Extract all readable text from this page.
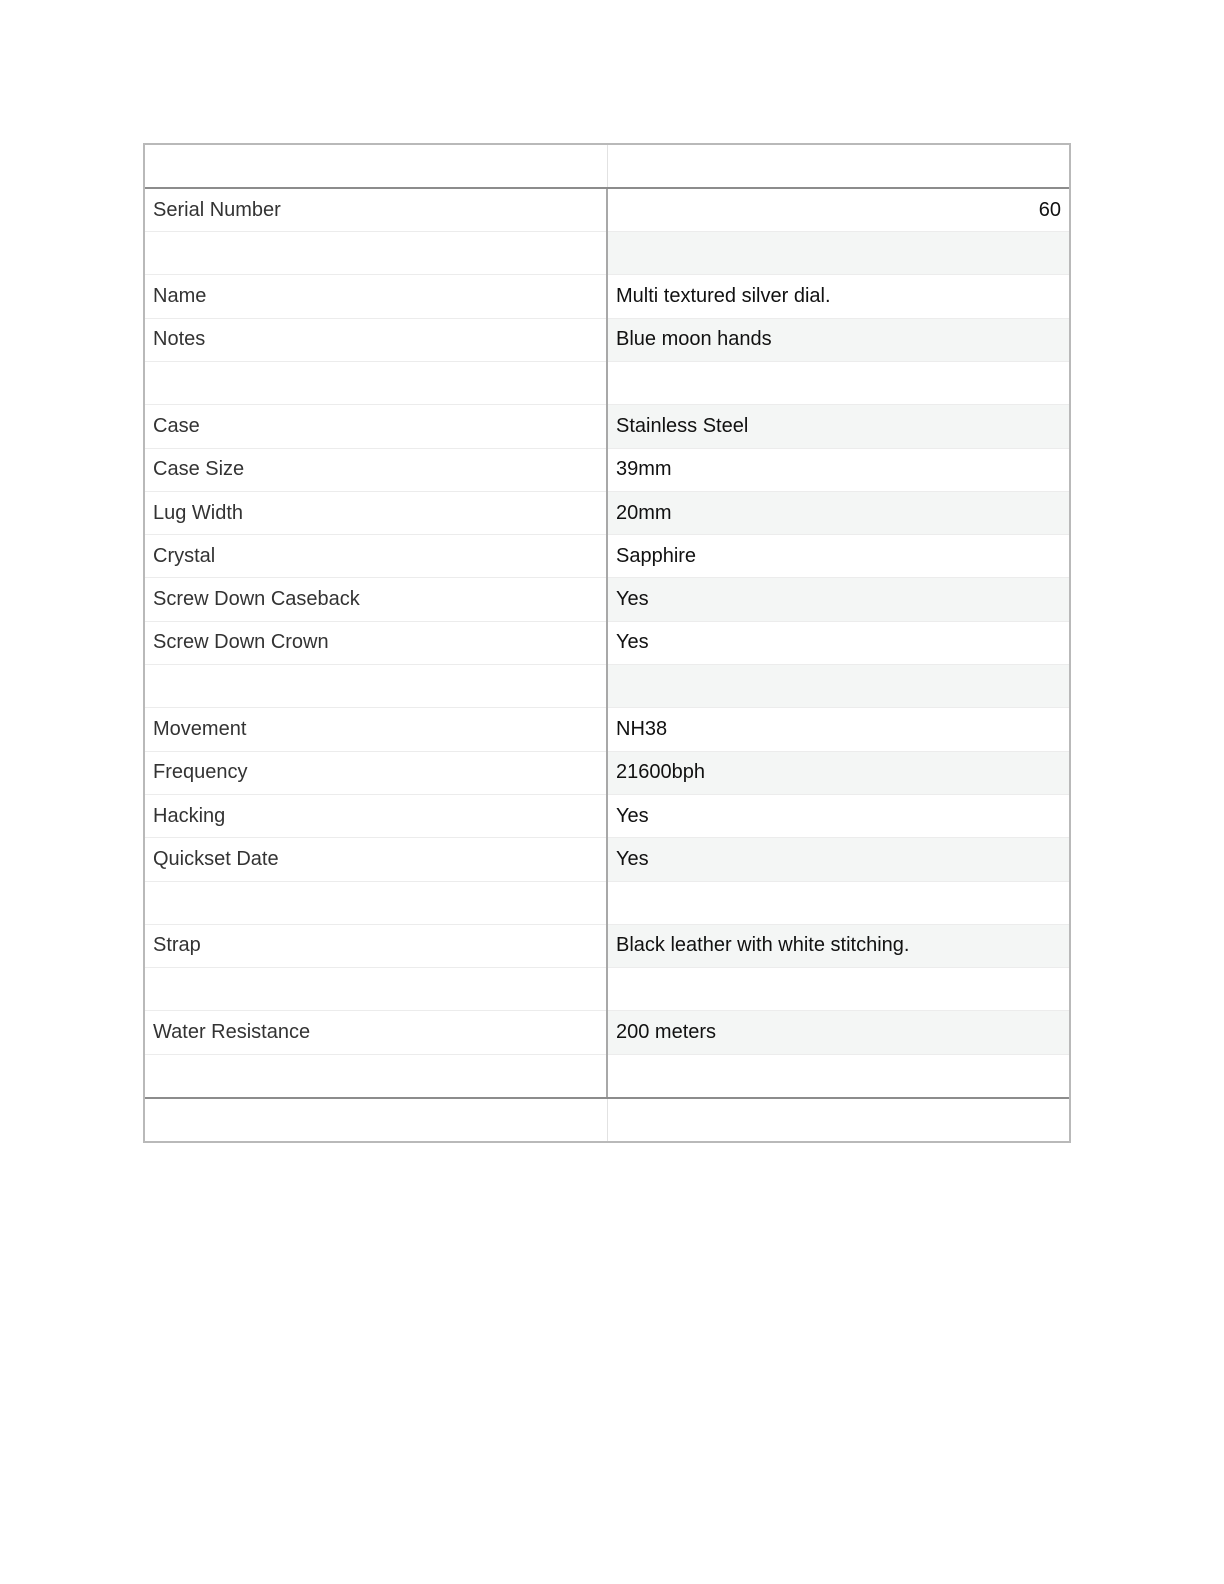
Serial Number	60

Name	Multi textured silver dial.
Notes	Blue moon hands

Case	Stainless Steel
Case Size	39mm
Lug Width	20mm
Crystal	Sapphire
Screw Down Caseback	Yes
Screw Down Crown	Yes

Movement	NH38
Frequency	21600bph
Hacking	Yes
Quickset Date	Yes

Strap	Black leather with white stitching.

Water Resistance	200 meters
